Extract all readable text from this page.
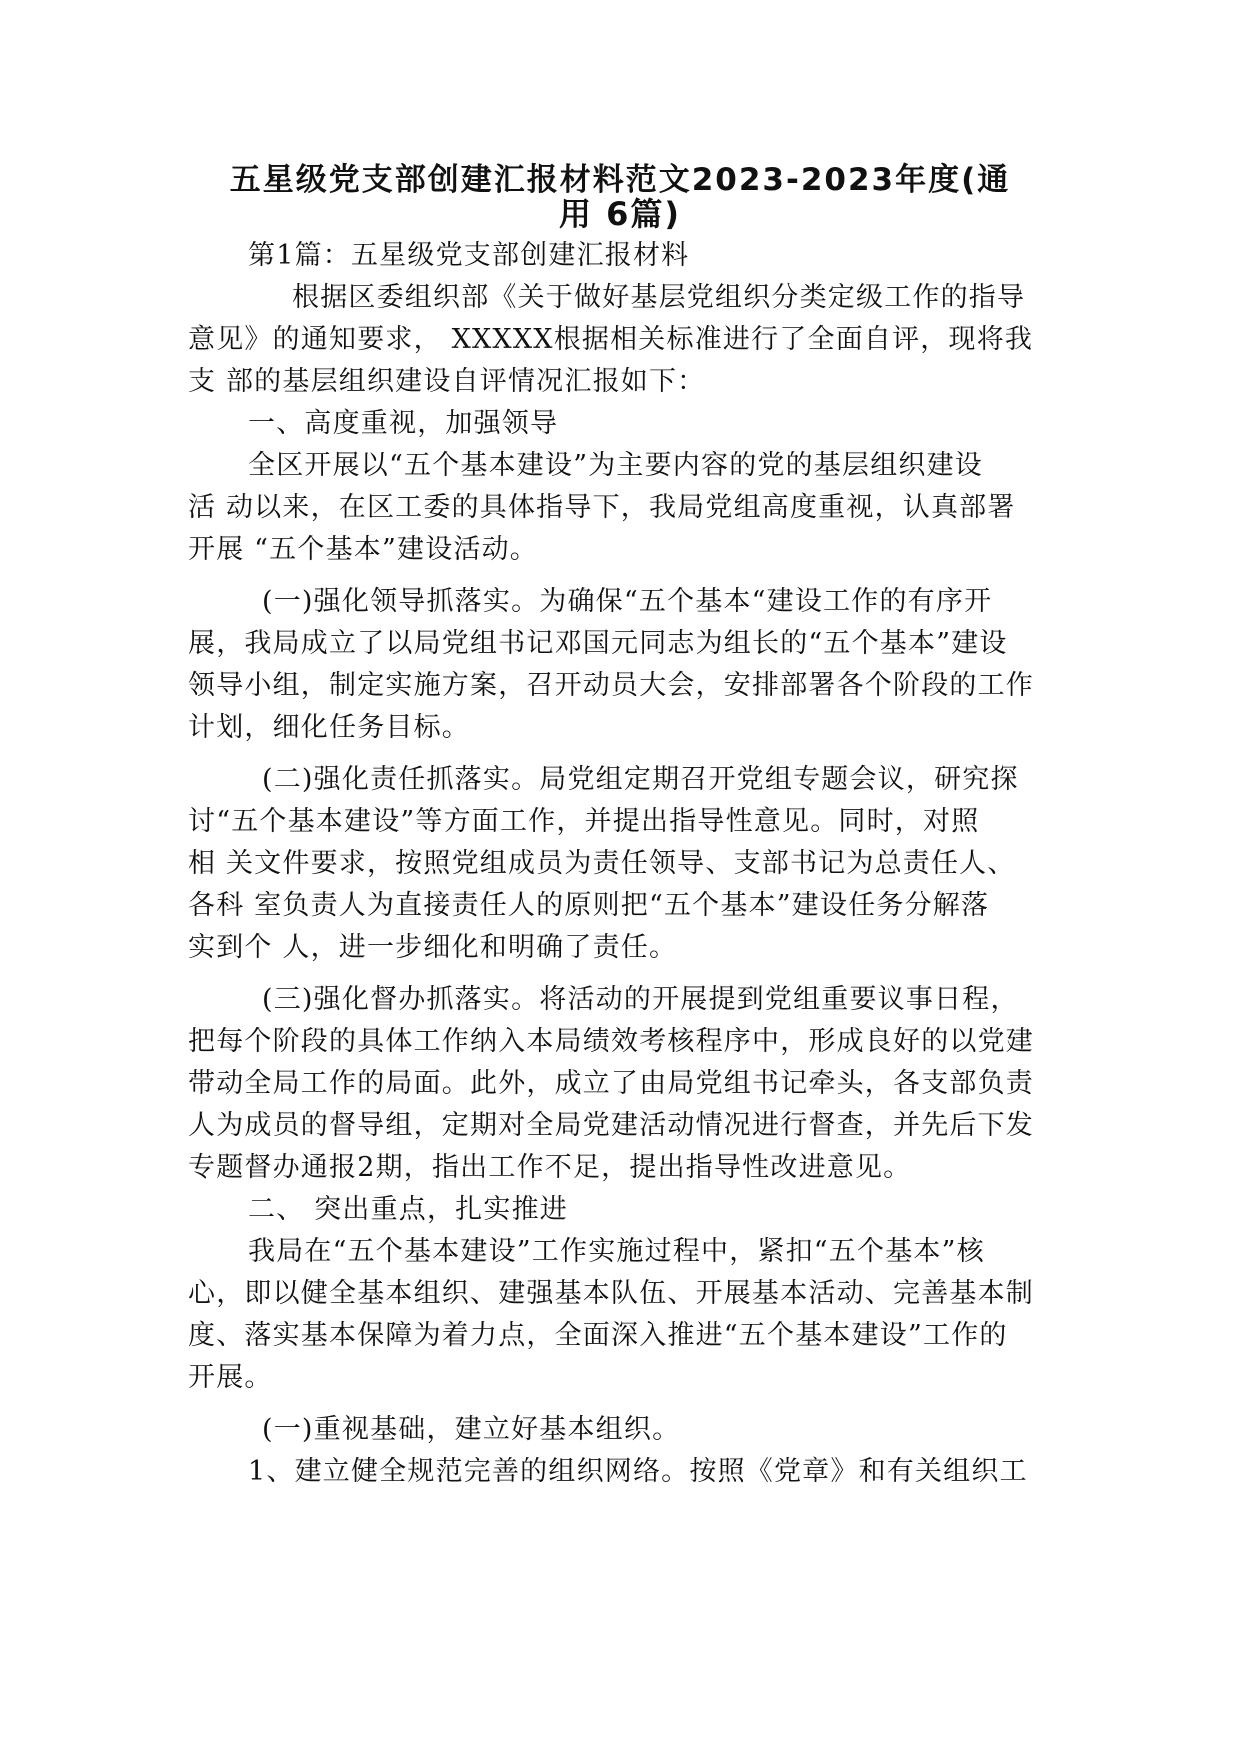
五星级党支部创建汇报材料范文2023-2023年度(通
用 6篇)

第1篇：五星级党支部创建汇报材料

根据区委组织部《关于做好基层党组织分类定级工作的指导

意见》的通知要求， XXXXX根据相关标准进行了全面自评，现将我

支 部的基层组织建设自评情况汇报如下：

一、高度重视，加强领导

全区开展以“五个基本建设”为主要内容的党的基层组织建设

活 动以来，在区工委的具体指导下，我局党组高度重视，认真部署

开展 “五个基本”建设活动。

(一)强化领导抓落实。为确保“五个基本“建设工作的有序开

展，我局成立了以局党组书记邓国元同志为组长的“五个基本”建设

领导小组，制定实施方案，召开动员大会，安排部署各个阶段的工作

计划，细化任务目标。

(二)强化责任抓落实。局党组定期召开党组专题会议，研究探

讨“五个基本建设”等方面工作，并提出指导性意见。同时，对照

相 关文件要求，按照党组成员为责任领导、支部书记为总责任人、

各科 室负责人为直接责任人的原则把“五个基本”建设任务分解落

实到个 人，进一步细化和明确了责任。

(三)强化督办抓落实。将活动的开展提到党组重要议事日程，

把每个阶段的具体工作纳入本局绩效考核程序中，形成良好的以党建

带动全局工作的局面。此外，成立了由局党组书记牵头，各支部负责

人为成员的督导组，定期对全局党建活动情况进行督查，并先后下发

专题督办通报2期，指出工作不足，提出指导性改进意见。

二、 突出重点，扎实推进

我局在“五个基本建设”工作实施过程中，紧扣“五个基本”核

心，即以健全基本组织、建强基本队伍、开展基本活动、完善基本制

度、落实基本保障为着力点，全面深入推进“五个基本建设”工作的

开展。

(一)重视基础，建立好基本组织。

1、建立健全规范完善的组织网络。按照《党章》和有关组织工
